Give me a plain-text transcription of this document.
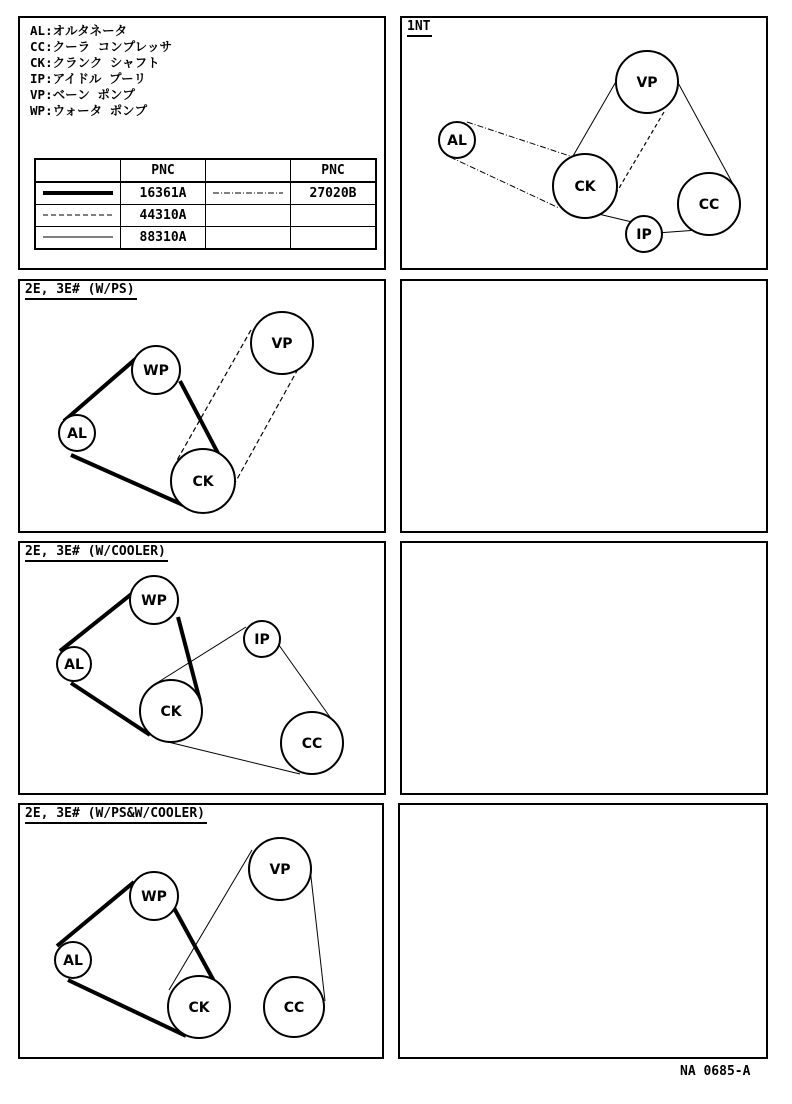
AL:オルタネータ
CC:クーラ コンプレッサ
CK:クランク シャフト
IP:アイドル プーリ
VP:ベーン ポンプ
WP:ウォータ ポンプ
	PNC		PNC
	16361A		27020B
	44310A		
	88310A		
1NT
2E, 3E# (W/PS)
2E, 3E# (W/COOLER)
2E, 3E# (W/PS&W/COOLER)
AL
VP
CK
CC
IP
AL
WP
VP
CK
AL
WP
IP
CK
CC
AL
WP
VP
CK	CC
NA 0685-A
